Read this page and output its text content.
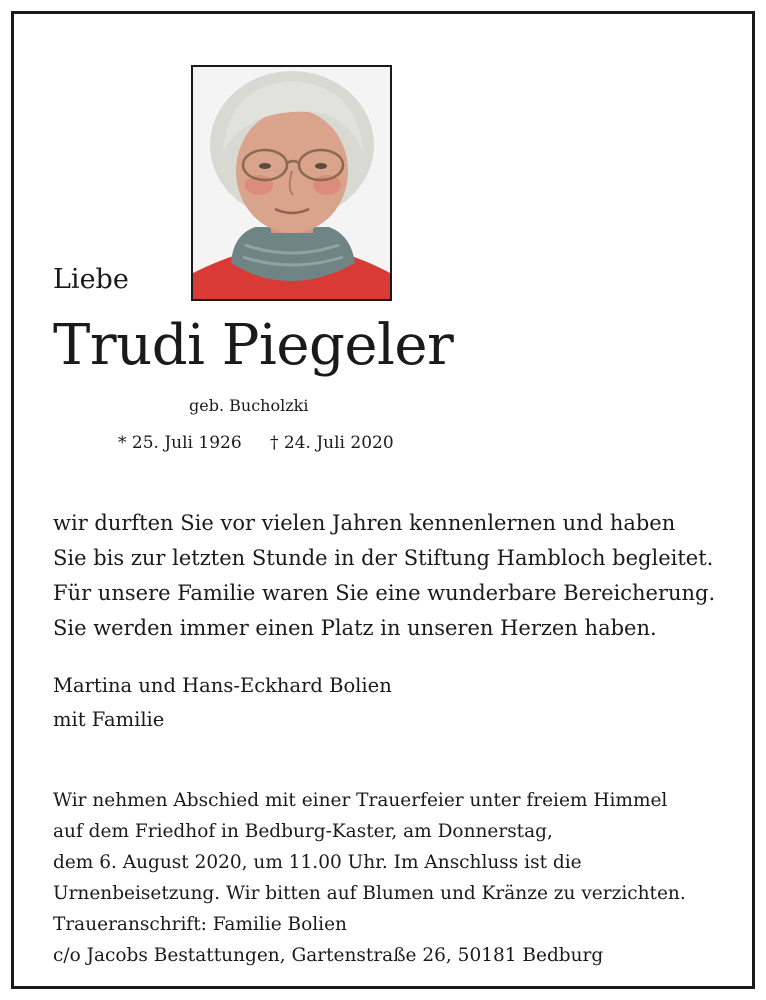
Liebe
Trudi Piegeler
geb. Bucholzki
* 25. Juli 1926 † 24. Juli 2020
wir durften Sie vor vielen Jahren kennenlernen und haben
Sie bis zur letzten Stunde in der Stiftung Hambloch begleitet.
Für unsere Familie waren Sie eine wunderbare Bereicherung.
Sie werden immer einen Platz in unseren Herzen haben.
Martina und Hans-Eckhard Bolien
mit Familie
Wir nehmen Abschied mit einer Trauerfeier unter freiem Himmel
auf dem Friedhof in Bedburg-Kaster, am Donnerstag,
dem 6. August 2020, um 11.00 Uhr. Im Anschluss ist die
Urnenbeisetzung. Wir bitten auf Blumen und Kränze zu verzichten.
Traueranschrift: Familie Bolien
c/o Jacobs Bestattungen, Gartenstraße 26, 50181 Bedburg
